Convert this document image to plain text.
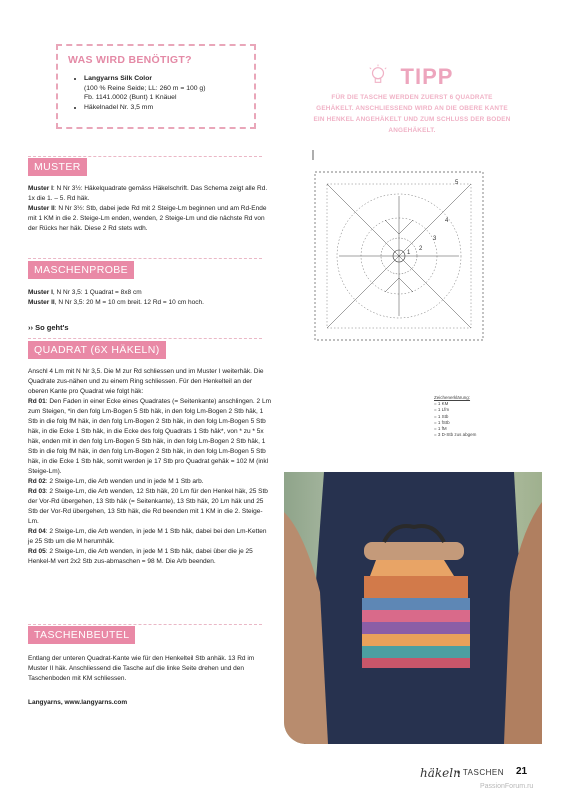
WAS WIRD BENÖTIGT?
• Langyarns Silk Color
(100 % Reine Seide; LL: 260 m = 100 g)
Fb. 1141.0002 (Bunt) 1 Knäuel
• Häkelnadel Nr. 3,5 mm
TIPP
FÜR DIE TASCHE WERDEN ZUERST 6 QUADRATE GEHÄKELT. ANSCHLIESSEND WIRD AN DIE OBERE KANTE EIN HENKEL ANGEHÄKELT UND ZUM SCHLUSS DER BODEN ANGEHÄKELT.
MUSTER
Muster I: N Nr 3½: Häkelquadrate gemäss Häkelschrift. Das Schema zeigt alle Rd. 1x die 1. – 5. Rd häk.
Muster II: N Nr 3½: Stb, dabei jede Rd mit 2 Steige-Lm beginnen und am Rd-Ende mit 1 KM in die 2. Steige-Lm enden, wenden, 2 Steige-Lm und die nächste Rd von der Rücks her häk. Diese 2 Rd stets wdh.
MASCHENPROBE
Muster I, N Nr 3,5: 1 Quadrat = 8x8 cm
Muster II, N Nr 3,5: 20 M = 10 cm breit. 12 Rd = 10 cm hoch.
›› So geht's
QUADRAT (6X HÄKELN)
Anschl 4 Lm mit N Nr 3,5. Die M zur Rd schliessen und im Muster I weiterhäk. Die Quadrate zus-nähen und zu einem Ring schliessen. Für den Henkelteil an der oberen Kante pro Quadrat wie folgt häk:
Rd 01: Den Faden in einer Ecke eines Quadrates (= Seitenkante) anschlingen. 2 Lm zum Steigen, *in den folg Lm-Bogen 5 Stb häk, in den folg Lm-Bogen 2 Stb häk, 1 Stb in die folg fM häk, in den folg Lm-Bogen 2 Stb häk, in den folg Lm-Bogen 5 Stb häk, in die Ecke 1 Stb häk, in die Ecke des folg Quadrats 1 Stb häk*, von * zu * 5x häk, enden mit in den folg Lm-Bogen 5 Stb häk, in den folg Lm-Bogen 2 Stb häk, 1 Stb in die folg fM häk, in den folg Lm-Bogen 2 Stb häk, in den folg Lm-Bogen 5 Stb häk, in die Ecke 1 Stb häk, somit werden je 17 Stb pro Quadrat gehäk = 102 M (inkl Steige-Lm).
Rd 02: 2 Steige-Lm, die Arb wenden und in jede M 1 Stb arb.
Rd 03: 2 Steige-Lm, die Arb wenden, 12 Stb häk, 20 Lm für den Henkel häk, 25 Stb der Vor-Rd übergehen, 13 Stb häk (= Seitenkante), 13 Stb häk, 20 Lm häk und 25 Stb der Vor-Rd übergehen, 13 Stb häk, die Rd beenden mit 1 KM in die 2. Steige-Lm.
Rd 04: 2 Steige-Lm, die Arb wenden, in jede M 1 Stb häk, dabei bei den Lm-Ketten je 25 Stb um die M herumhäk.
Rd 05: 2 Steige-Lm, die Arb wenden, in jede M 1 Stb häk, dabei über die je 25 Henkel-M vert 2x2 Stb zus-abmaschen = 98 M. Die Arb beenden.
TASCHENBEUTEL
Entlang der unteren Quadrat-Kante wie für den Henkelteil Stb anhäk. 13 Rd im Muster II häk. Anschliessend die Tasche auf die linke Seite drehen und den Taschenboden mit KM schliessen.
Langyarns, www.langyarns.com
5
4
3
2
1
Zeichenerklärung:
= 1 KM
= 1 Lfm
= 1 Stb
= 1 fStb
= 1 fM
= 3 D-Stb zus abgem
häkeln
• TASCHEN 21
PassionForum.ru
